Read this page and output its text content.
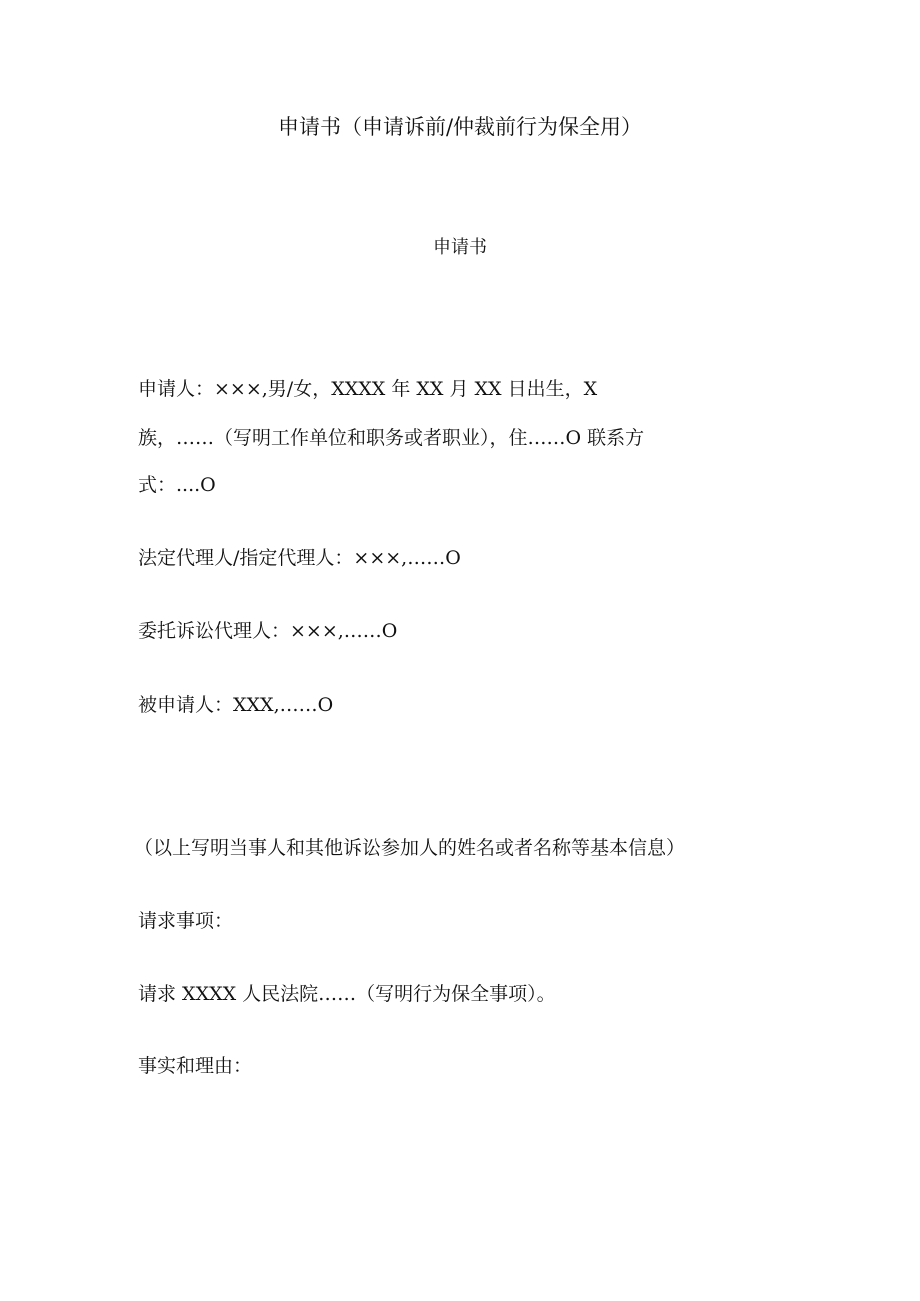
申请书（申请诉前/仲裁前行为保全用）
申请书
申请人：×××,男/女，XXXX 年 XX 月 XX 日出生，X
族，……（写明工作单位和职务或者职业），住……O 联系方
式：....O
法定代理人/指定代理人：×××,……O
委托诉讼代理人：×××,……O
被申请人：XXX,……O
（以上写明当事人和其他诉讼参加人的姓名或者名称等基本信息）
请求事项：
请求 XXXX 人民法院……（写明行为保全事项）。
事实和理由：
